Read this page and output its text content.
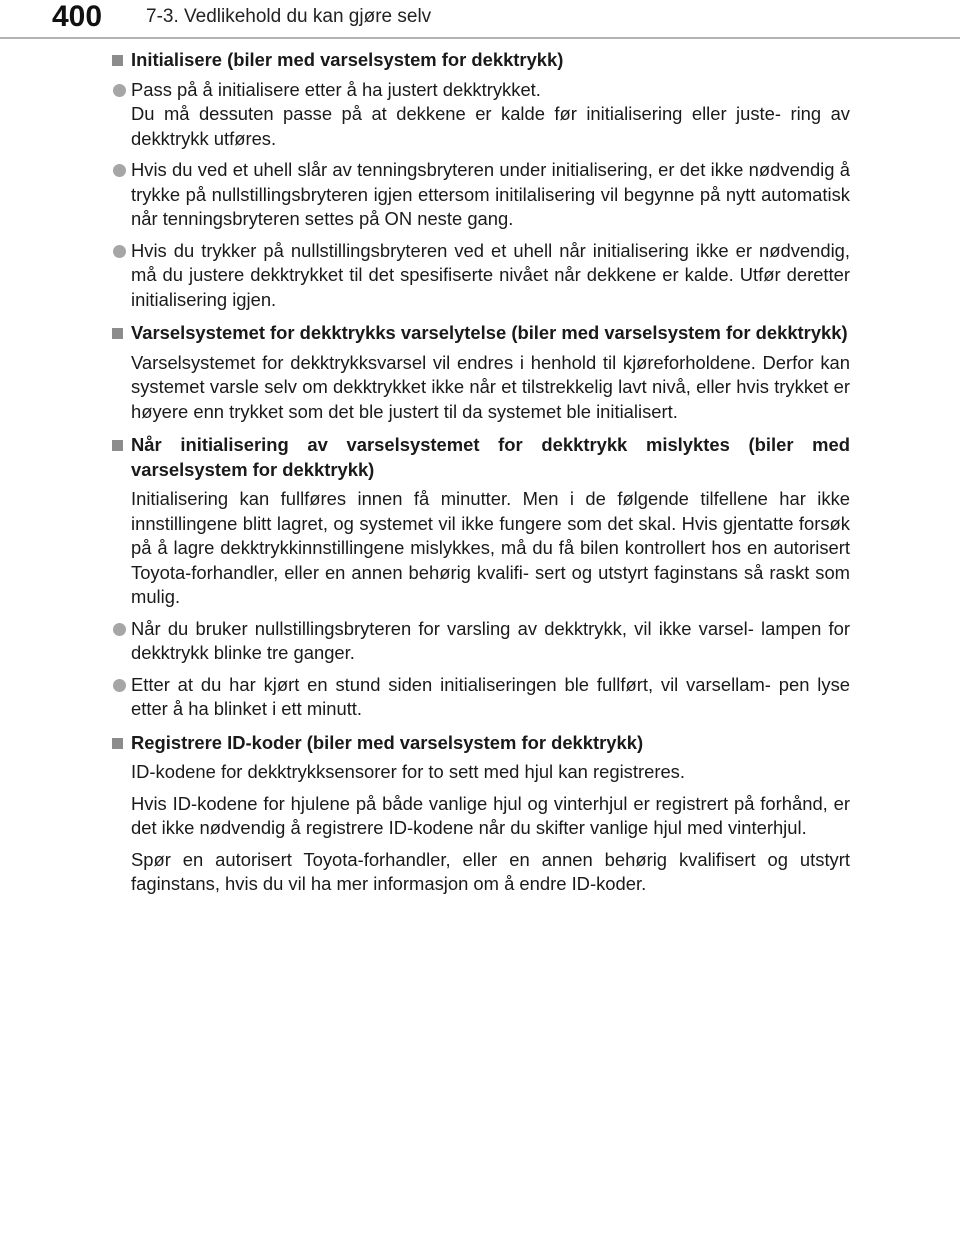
400 7-3. Vedlikehold du kan gjøre selv
Initialisere (biler med varselsystem for dekktrykk)
Pass på å initialisere etter å ha justert dekktrykket.
Du må dessuten passe på at dekkene er kalde før initialisering eller juste- ring av dekktrykk utføres.
Hvis du ved et uhell slår av tenningsbryteren under initialisering, er det ikke nødvendig å trykke på nullstillingsbryteren igjen ettersom initilalisering vil begynne på nytt automatisk når tenningsbryteren settes på ON neste gang.
Hvis du trykker på nullstillingsbryteren ved et uhell når initialisering ikke er nødvendig, må du justere dekktrykket til det spesifiserte nivået når dekkene er kalde. Utfør deretter initialisering igjen.
Varselsystemet for dekktrykks varselytelse (biler med varselsystem for dekktrykk)
Varselsystemet for dekktrykksvarsel vil endres i henhold til kjøreforholdene. Derfor kan systemet varsle selv om dekktrykket ikke når et tilstrekkelig lavt nivå, eller hvis trykket er høyere enn trykket som det ble justert til da systemet ble initialisert.
Når initialisering av varselsystemet for dekktrykk mislyktes (biler med varselsystem for dekktrykk)
Initialisering kan fullføres innen få minutter. Men i de følgende tilfellene har ikke innstillingene blitt lagret, og systemet vil ikke fungere som det skal. Hvis gjentatte forsøk på å lagre dekktrykkinnstillingene mislykkes, må du få bilen kontrollert hos en autorisert Toyota-forhandler, eller en annen behørig kvalifi- sert og utstyrt faginstans så raskt som mulig.
Når du bruker nullstillingsbryteren for varsling av dekktrykk, vil ikke varsel- lampen for dekktrykk blinke tre ganger.
Etter at du har kjørt en stund siden initialiseringen ble fullført, vil varsellam- pen lyse etter å ha blinket i ett minutt.
Registrere ID-koder (biler med varselsystem for dekktrykk)
ID-kodene for dekktrykksensorer for to sett med hjul kan registreres.
Hvis ID-kodene for hjulene på både vanlige hjul og vinterhjul er registrert på forhånd, er det ikke nødvendig å registrere ID-kodene når du skifter vanlige hjul med vinterhjul.
Spør en autorisert Toyota-forhandler, eller en annen behørig kvalifisert og utstyrt faginstans, hvis du vil ha mer informasjon om å endre ID-koder.
